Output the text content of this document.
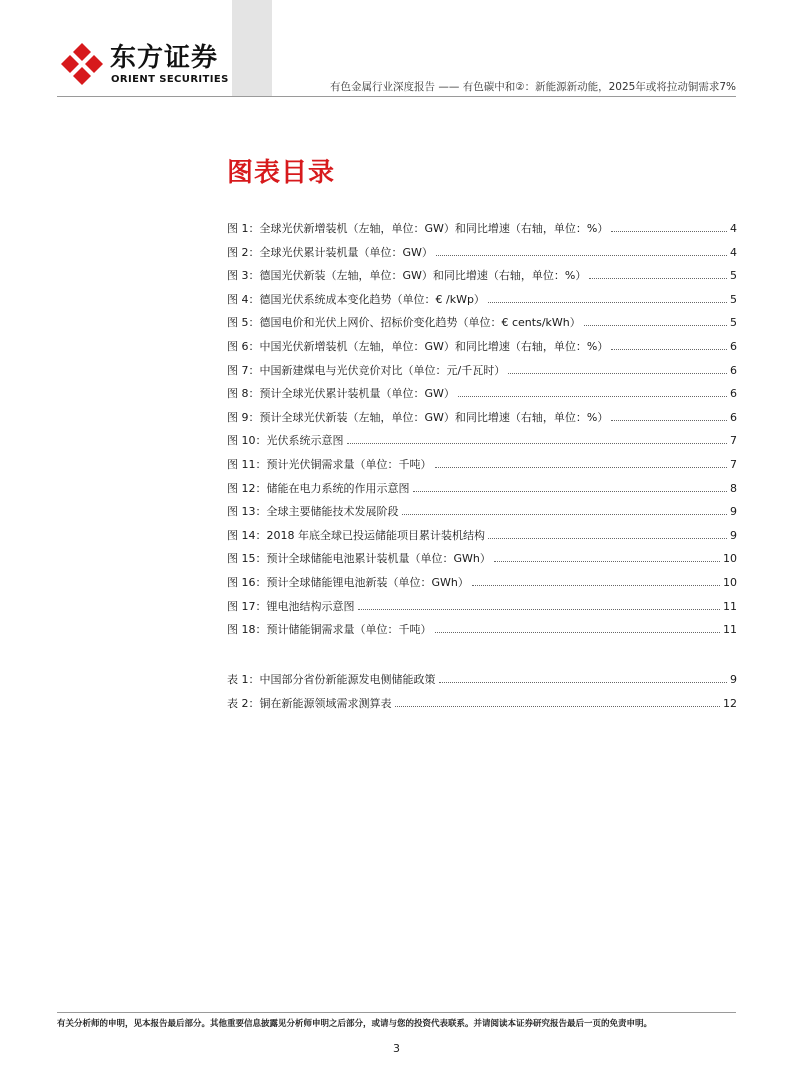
东方证券
ORIENT SECURITIES
有色金属行业深度报告 —— 有色碳中和②：新能源新动能，2025年或将拉动铜需求7%
图表目录
图 1：全球光伏新增装机（左轴，单位：GW）和同比增速（右轴，单位：%）	4
图 2：全球光伏累计装机量（单位：GW）	4
图 3：德国光伏新装（左轴，单位：GW）和同比增速（右轴，单位：%）	5
图 4：德国光伏系统成本变化趋势（单位：€ /kWp）	5
图 5：德国电价和光伏上网价、招标价变化趋势（单位：€ cents/kWh）	5
图 6：中国光伏新增装机（左轴，单位：GW）和同比增速（右轴，单位：%）	6
图 7：中国新建煤电与光伏竞价对比（单位：元/千瓦时）	6
图 8：预计全球光伏累计装机量（单位：GW）	6
图 9：预计全球光伏新装（左轴，单位：GW）和同比增速（右轴，单位：%）	6
图 10：光伏系统示意图	7
图 11：预计光伏铜需求量（单位：千吨）	7
图 12：储能在电力系统的作用示意图	8
图 13：全球主要储能技术发展阶段	9
图 14：2018 年底全球已投运储能项目累计装机结构	9
图 15：预计全球储能电池累计装机量（单位：GWh）	10
图 16：预计全球储能锂电池新装（单位：GWh）	10
图 17：锂电池结构示意图	11
图 18：预计储能铜需求量（单位：千吨）	11
表 1：中国部分省份新能源发电侧储能政策	9
表 2：铜在新能源领域需求测算表	12
有关分析师的申明，见本报告最后部分。其他重要信息披露见分析师申明之后部分，或请与您的投资代表联系。并请阅读本证券研究报告最后一页的免责申明。
3
